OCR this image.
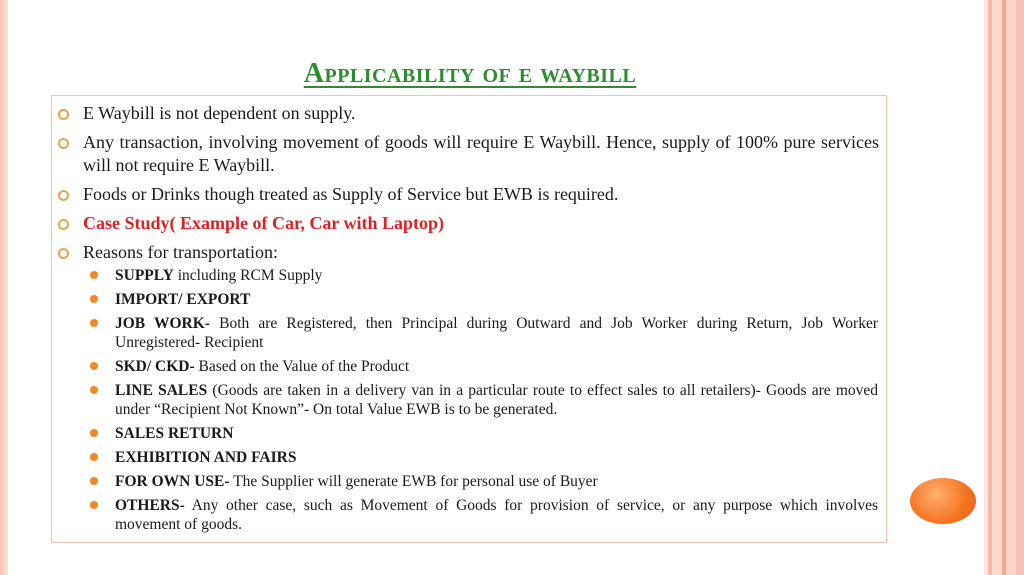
Applicability of e waybill
E Waybill is not dependent on supply.
Any transaction, involving movement of goods will require E Waybill. Hence, supply of 100% pure services will not require E Waybill.
Foods or Drinks though treated as Supply of Service but EWB is required.
Case Study( Example of Car, Car with Laptop)
Reasons for transportation:
SUPPLY including RCM Supply
IMPORT/ EXPORT
JOB WORK- Both are Registered, then Principal during Outward and Job Worker during Return, Job Worker Unregistered- Recipient
SKD/ CKD- Based on the Value of the Product
LINE SALES (Goods are taken in a delivery van in a particular route to effect sales to all retailers)- Goods are moved under “Recipient Not Known”- On total Value EWB is to be generated.
SALES RETURN
EXHIBITION AND FAIRS
FOR OWN USE- The Supplier will generate EWB for personal use of Buyer
OTHERS- Any other case, such as Movement of Goods for provision of service, or any purpose which involves movement of goods.
